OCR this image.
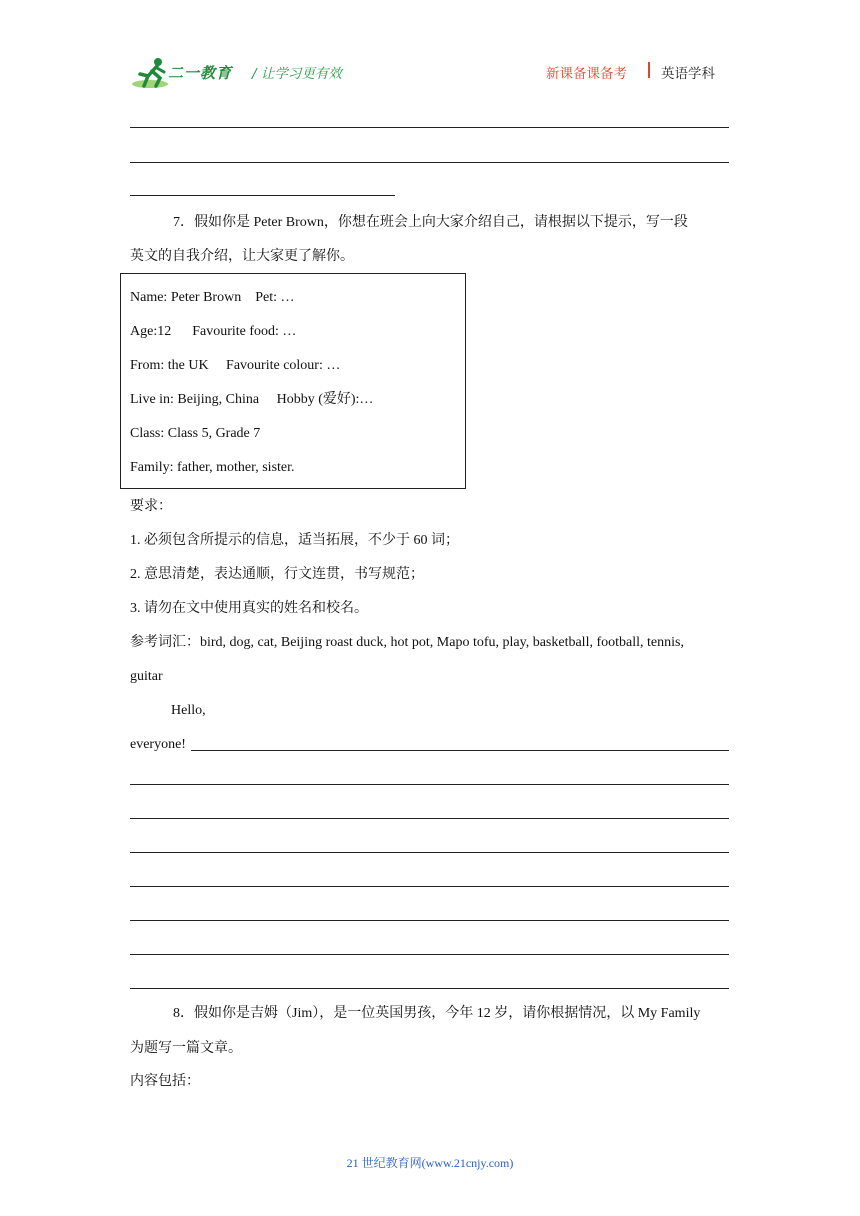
二一教育 / 让学习更有效	新课备课备考	英语学科
7．假如你是 Peter Brown，你想在班会上向大家介绍自己，请根据以下提示，写一段
英文的自我介绍，让大家更了解你。
Name: Peter Brown    Pet: …
Age:12      Favourite food: …
From: the UK     Favourite colour: …
Live in: Beijing, China     Hobby (爱好):…
Class: Class 5, Grade 7
Family: father, mother, sister.
要求：
1. 必须包含所提示的信息，适当拓展，不少于 60 词；
2. 意思清楚，表达通顺，行文连贯，书写规范；
3. 请勿在文中使用真实的姓名和校名。
参考词汇：bird, dog, cat, Beijing roast duck, hot pot, Mapo tofu, play, basketball, football, tennis,
guitar
Hello,
everyone!
8．假如你是吉姆（Jim），是一位英国男孩，今年 12 岁，请你根据情况，以 My Family
为题写一篇文章。
内容包括：
21 世纪教育网(www.21cnjy.com)
